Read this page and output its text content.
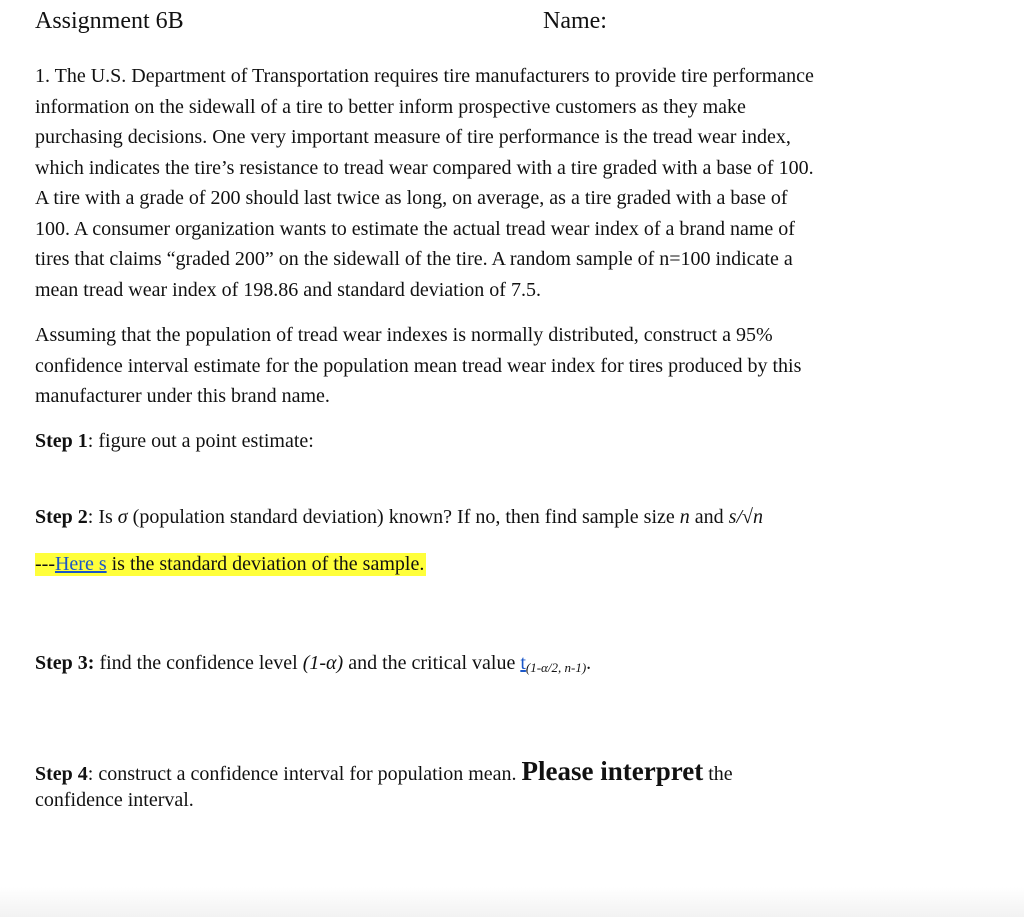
Assignment 6B	Name:
1. The U.S. Department of Transportation requires tire manufacturers to provide tire performance
information on the sidewall of a tire to better inform prospective customers as they make
purchasing decisions. One very important measure of tire performance is the tread wear index,
which indicates the tire’s resistance to tread wear compared with a tire graded with a base of 100.
A tire with a grade of 200 should last twice as long, on average, as a tire graded with a base of
100. A consumer organization wants to estimate the actual tread wear index of a brand name of
tires that claims “graded 200” on the sidewall of the tire. A random sample of n=100 indicate a
mean tread wear index of 198.86 and standard deviation of 7.5.
Assuming that the population of tread wear indexes is normally distributed, construct a 95%
confidence interval estimate for the population mean tread wear index for tires produced by this
manufacturer under this brand name.
Step 1: figure out a point estimate:
Step 2: Is σ (population standard deviation) known? If no, then find sample size n and s/√n
---Here s is the standard deviation of the sample.
Step 3: find the confidence level (1-α) and the critical value $t_{(1-\alpha/2, n-1)}$.
Step 4: construct a confidence interval for population mean. Please interpret the
confidence interval.
